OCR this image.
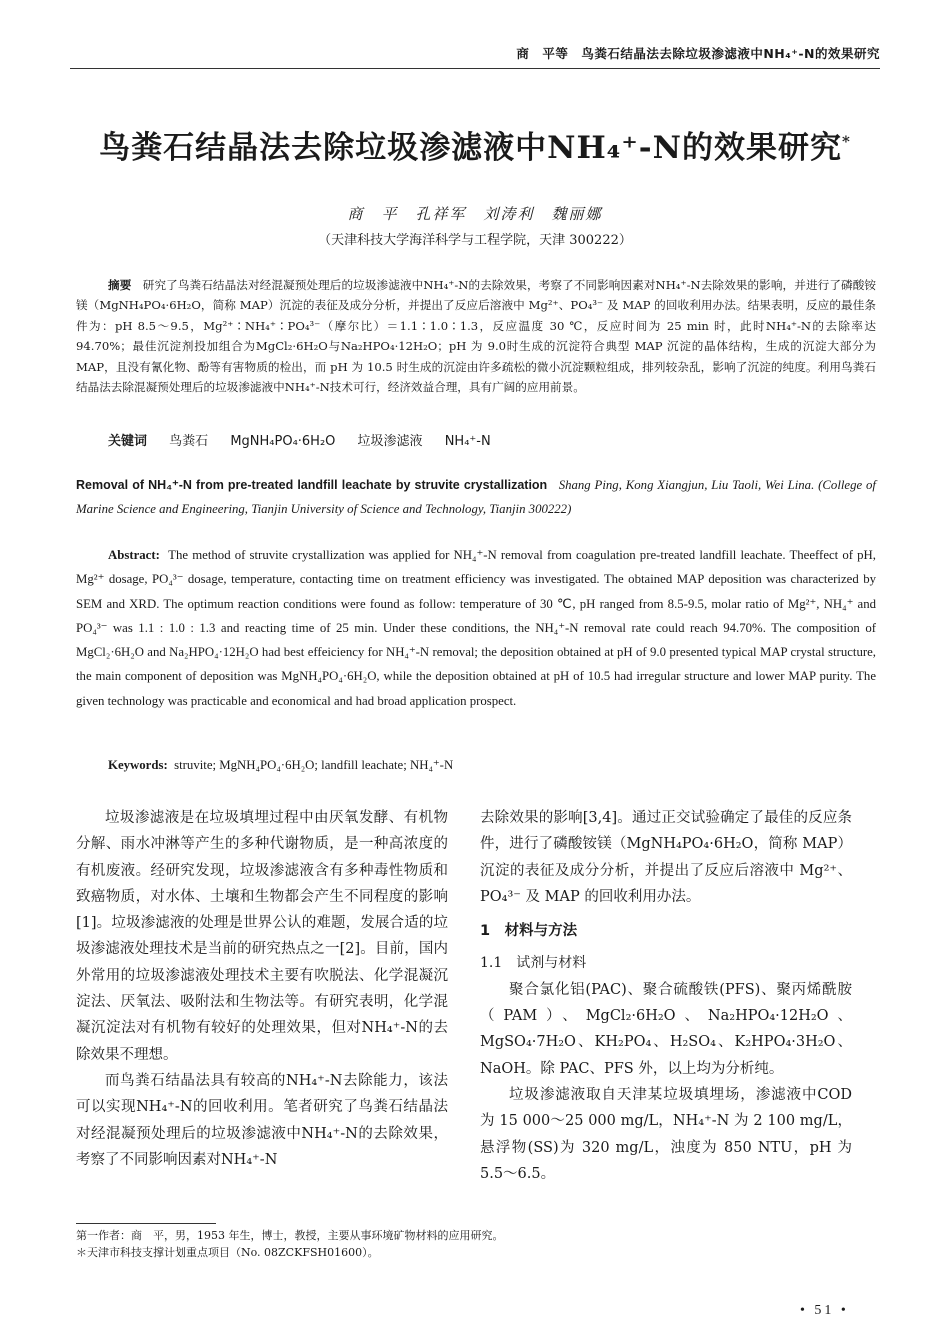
商　平等　鸟粪石结晶法去除垃圾渗滤液中NH₄⁺-N的效果研究
鸟粪石结晶法去除垃圾渗滤液中NH₄⁺-N的效果研究*
商　平　孔祥军　刘涛利　魏丽娜
（天津科技大学海洋科学与工程学院，天津 300222）
摘要 研究了鸟粪石结晶法对经混凝预处理后的垃圾渗滤液中NH₄⁺-N的去除效果，考察了不同影响因素对NH₄⁺-N去除效果的影响，并进行了磷酸铵镁（MgNH₄PO₄·6H₂O，简称 MAP）沉淀的表征及成分分析，并提出了反应后溶液中 Mg²⁺、PO₄³⁻ 及 MAP 的回收利用办法。结果表明，反应的最佳条件为：pH 8.5～9.5，Mg²⁺∶NH₄⁺∶PO₄³⁻（摩尔比）＝1.1∶1.0∶1.3，反应温度 30 ℃，反应时间为 25 min 时，此时NH₄⁺-N的去除率达 94.70%；最佳沉淀剂投加组合为MgCl₂·6H₂O与Na₂HPO₄·12H₂O；pH 为 9.0时生成的沉淀符合典型 MAP 沉淀的晶体结构，生成的沉淀大部分为 MAP，且没有氰化物、酚等有害物质的检出，而 pH 为 10.5 时生成的沉淀由许多疏松的微小沉淀颗粒组成，排列较杂乱，影响了沉淀的纯度。利用鸟粪石结晶法去除混凝预处理后的垃圾渗滤液中NH₄⁺-N技术可行，经济效益合理，具有广阔的应用前景。
关键词 鸟粪石 MgNH₄PO₄·6H₂O 垃圾渗滤液 NH₄⁺-N
Removal of NH₄⁺-N from pre-treated landfill leachate by struvite crystallization Shang Ping, Kong Xiangjun, Liu Taoli, Wei Lina. (College of Marine Science and Engineering, Tianjin University of Science and Technology, Tianjin 300222)
Abstract: The method of struvite crystallization was applied for NH₄⁺-N removal from coagulation pre-treated landfill leachate. Theeffect of pH, Mg²⁺ dosage, PO₄³⁻ dosage, temperature, contacting time on treatment efficiency was investigated. The obtained MAP deposition was characterized by SEM and XRD. The optimum reaction conditions were found as follow: temperature of 30 ℃, pH ranged from 8.5-9.5, molar ratio of Mg²⁺, NH₄⁺ and PO₄³⁻ was 1.1 : 1.0 : 1.3 and reacting time of 25 min. Under these conditions, the NH₄⁺-N removal rate could reach 94.70%. The composition of MgCl₂·6H₂O and Na₂HPO₄·12H₂O had best effeiciency for NH₄⁺-N removal; the deposition obtained at pH of 9.0 presented typical MAP crystal structure, the main component of deposition was MgNH₄PO₄·6H₂O, while the deposition obtained at pH of 10.5 had irregular structure and lower MAP purity. The given technology was practicable and economical and had broad application prospect.
Keywords: struvite; MgNH₄PO₄·6H₂O; landfill leachate; NH₄⁺-N

垃圾渗滤液是在垃圾填埋过程中由厌氧发酵、有机物分解、雨水冲淋等产生的多种代谢物质，是一种高浓度的有机废液。经研究发现，垃圾渗滤液含有多种毒性物质和致癌物质，对水体、土壤和生物都会产生不同程度的影响[1]。垃圾渗滤液的处理是世界公认的难题，发展合适的垃圾渗滤液处理技术是当前的研究热点之一[2]。目前，国内外常用的垃圾渗滤液处理技术主要有吹脱法、化学混凝沉淀法、厌氧法、吸附法和生物法等。有研究表明，化学混凝沉淀法对有机物有较好的处理效果，但对NH₄⁺-N的去除效果不理想。

而鸟粪石结晶法具有较高的NH₄⁺-N去除能力，该法可以实现NH₄⁺-N的回收利用。笔者研究了鸟粪石结晶法对经混凝预处理后的垃圾渗滤液中NH₄⁺-N的去除效果，考察了不同影响因素对NH₄⁺-N

去除效果的影响[3,4]。通过正交试验确定了最佳的反应条件，进行了磷酸铵镁（MgNH₄PO₄·6H₂O，简称 MAP）沉淀的表征及成分分析，并提出了反应后溶液中 Mg²⁺、PO₄³⁻ 及 MAP 的回收利用办法。

1　材料与方法

1.1　试剂与材料

聚合氯化铝(PAC)、聚合硫酸铁(PFS)、聚丙烯酰胺（PAM）、MgCl₂·6H₂O、Na₂HPO₄·12H₂O、MgSO₄·7H₂O、KH₂PO₄、H₂SO₄、K₂HPO₄·3H₂O、NaOH。除 PAC、PFS 外，以上均为分析纯。

垃圾渗滤液取自天津某垃圾填埋场，渗滤液中COD 为 15 000～25 000 mg/L，NH₄⁺-N 为 2 100 mg/L，悬浮物(SS)为 320 mg/L，浊度为 850 NTU，pH 为 5.5～6.5。

第一作者：商　平，男，1953 年生，博士，教授，主要从事环境矿物材料的应用研究。
＊天津市科技支撑计划重点项目（No. 08ZCKFSH01600）。
• 51 •
